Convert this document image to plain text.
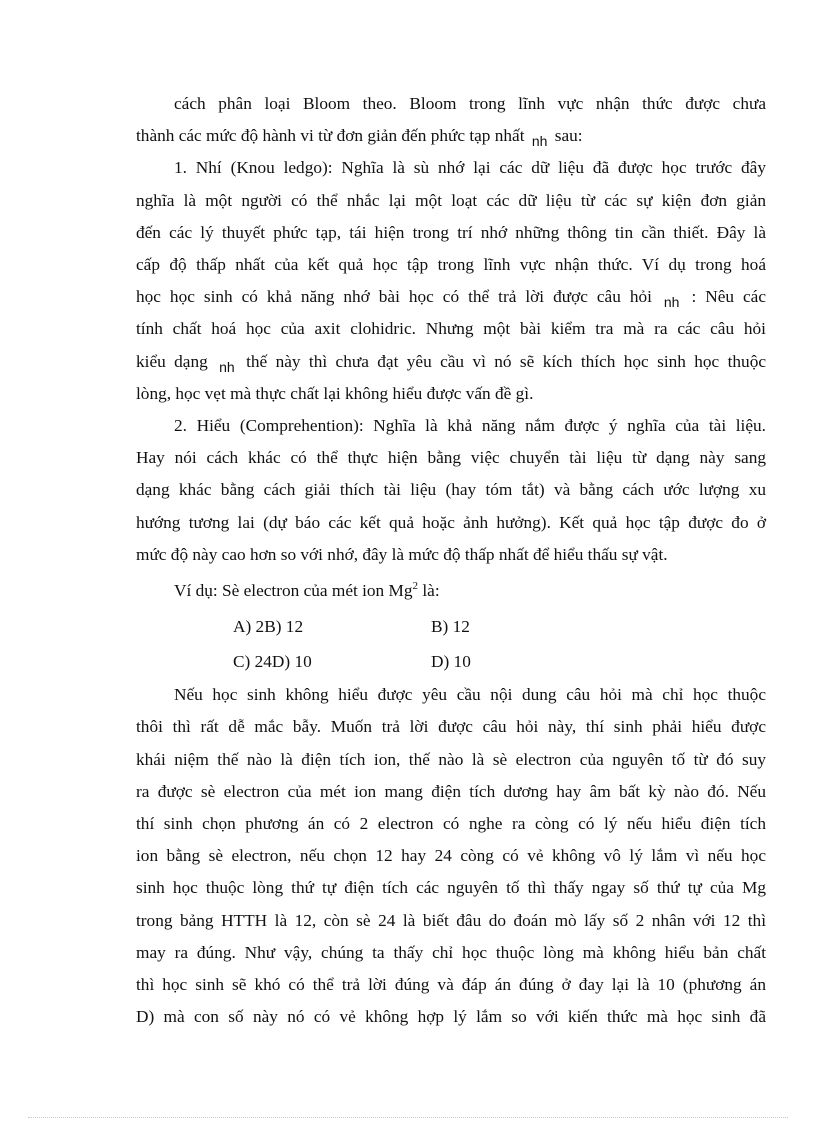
cách phân loại Bloom theo. Bloom trong lĩnh vực nhận thức được chưa

thành các mức độ hành vi từ đơn giản đến phức tạp nhất $_{nh}$ sau:

1. Nhí (Knou ledgo): Nghĩa là sù nhớ lại các dữ liệu đã được học trước đây

nghĩa là một người có thể nhắc lại một loạt các dữ liệu từ các sự kiện đơn giản

đến các lý thuyết phức tạp, tái hiện trong trí nhớ những thông tin cần thiết. Đây là

cấp độ thấp nhất của kết quả học tập trong lĩnh vực nhận thức. Ví dụ trong hoá

học học sinh có khả năng nhớ bài học có thể trả lời được câu hỏi $_{nh}$ : Nêu các

tính chất hoá học của axit clohidric. Nhưng một bài kiểm tra mà ra các câu hỏi

kiểu dạng $_{nh}$ thế này thì chưa đạt yêu cầu vì nó sẽ kích thích học sinh học thuộc

lòng, học vẹt mà thực chất lại không hiểu được vấn đề gì.

2. Hiểu (Comprehention): Nghĩa là khả năng nắm được ý nghĩa của tài liệu.

Hay nói cách khác có thể thực hiện bằng việc chuyển tài liệu từ dạng này sang

dạng khác bằng cách giải thích tài liệu (hay tóm tắt) và bằng cách ước lượng xu

hướng tương lai (dự báo các kết quả hoặc ảnh hưởng). Kết quả học tập được đo ở

mức độ này cao hơn so với nhớ, đây là mức độ thấp nhất để hiểu thấu sự vật.

Ví dụ: Sè electron của mét ion Mg$^2$ là:

A) 2B) 12	B) 12
C) 24D) 10	D) 10

Nếu học sinh không hiểu được yêu cầu nội dung câu hỏi mà chỉ học thuộc

thôi thì rất dễ mắc bẫy. Muốn trả lời được câu hỏi này, thí sinh phải hiểu được

khái niệm thế nào là điện tích ion, thế nào là sè electron của nguyên tố từ đó suy

ra được sè electron của mét ion mang điện tích dương hay âm bất kỳ nào đó. Nếu

thí sinh chọn phương án có 2 electron có nghe ra còng có lý nếu hiểu điện tích

ion bằng sè electron, nếu chọn 12 hay 24 còng có vẻ không vô lý lắm vì nếu học

sinh học thuộc lòng thứ tự điện tích các nguyên tố thì thấy ngay số thứ tự của Mg

trong bảng HTTH là 12, còn sè 24 là biết đâu do đoán mò lấy số 2 nhân với 12 thì

may ra đúng. Như vậy, chúng ta thấy chỉ học thuộc lòng mà không hiểu bản chất

thì học sinh sẽ khó có thể trả lời đúng và đáp án đúng ở đay lại là 10 (phương án

D) mà con số này nó có vẻ không hợp lý lắm so với kiến thức mà học sinh đã
